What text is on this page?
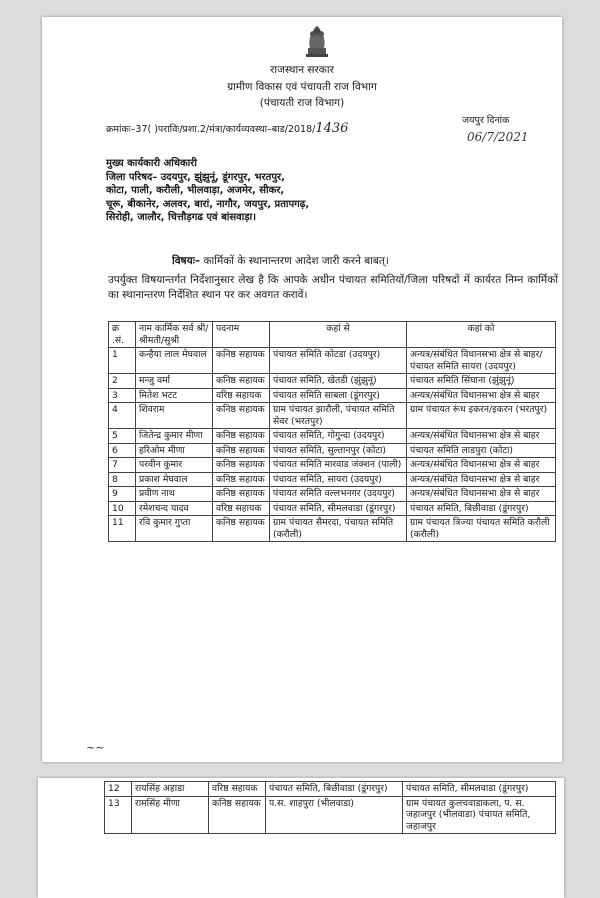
राजस्थान सरकार
ग्रामीण विकास एवं पंचायती राज विभाग
(पंचायती राज विभाग)
क्रमांकः–37( )पराविः/प्रशा.2/मंत्रा/कार्यव्यवस्था–बाड/2018/1436
जयपुर दिनांक
06/7/2021
मुख्य कार्यकारी अधिकारी
जिला परिषद– उदयपुर, झुंझुनूं, डूंगरपुर, भरतपुर,
कोटा, पाली, करौली, भीलवाड़ा, अजमेर, सीकर,
चूरू, बीकानेर, अलवर, बारां, नागौर, जयपुर, प्रतापगढ़,
सिरोही, जालौर, चित्तौड़गढ एवं बांसवाड़ा।
विषयः– कार्मिकों के स्थानान्तरण आदेश जारी करने बाबत्।
उपर्युक्त विषयान्तर्गत निर्देशानुसार लेख है कि आपके अधीन पंचायत समितियों/जिला परिषदों में कार्यरत निम्न कार्मिकों का स्थानान्तरण निर्देशित स्थान पर कर अवगत करावें।
क्र .सं.	नाम कार्मिक सर्व श्री/ श्रीमती/सुश्री	पदनाम	कहां से	कहां को
1	कन्हैया लाल मेघवाल	कनिष्ठ सहायक	पंचायत समिति कोटडा (उदयपुर)	अन्यत्र/संबंधित विधानसभा क्षेत्र से बाहर/पंचायत समिति सायरा (उदयपुर)
2	मन्जु वर्मा	कनिष्ठ सहायक	पंचायत समिति, खेतडी (झुंझुनूं)	पंचायत समिति सिंघाना (झुंझुनूं)
3	मितेश भटट	वरिष्ठ सहायक	पंचायत समिति साबला (डूंगरपुर)	अन्यत्र/संबंधित विधानसभा क्षेत्र से बाहर
4	शिवराम	कनिष्ठ सहायक	ग्राम पंचायत झारौली, पंचायत समिति सेवर (भरतपुर)	ग्राम पंचायत रूंध इकरन/इकरन (भरतपुर)
5	जितेन्द्र कुमार मीणा	कनिष्ठ सहायक	पंचायत समिति, गोगुन्दा (उदयपुर)	अन्यत्र/संबंधित विधानसभा क्षेत्र से बाहर
6	हरिओम मीणा	कनिष्ठ सहायक	पंचायत समिति, सुल्तानपुर (कोटा)	पंचायत समिति लाडपुरा (कोटा)
7	परवीन कुमार	कनिष्ठ सहायक	पंचायत समिति मारवाड जंक्शन (पाली)	अन्यत्र/संबंधित विधानसभा क्षेत्र से बाहर
8	प्रकाश मेघवाल	कनिष्ठ सहायक	पंचायत समिति, सायरा (उदयपुर)	अन्यत्र/संबंधित विधानसभा क्षेत्र से बाहर
9	प्रवीण नाथ	कनिष्ठ सहायक	पंचायत समिति वल्लभनगर (उदयपुर)	अन्यत्र/संबंधित विधानसभा क्षेत्र से बाहर
10	रमेशचन्द यादव	वरिष्ठ सहायक	पंचायत समिति, सीमलवाडा (डूंगरपुर)	पंचायत समिति, बिछीवाडा (डूंगरपुर)
11	रवि कुमार गुप्ता	कनिष्ठ सहायक	ग्राम पंचायत सैमरदा, पंचायत समिति (करौली)	ग्राम पंचायत त्रिज्या पंचायत समिति करौली (करौली)
~~
12	रायसिंह अहाडा	वरिष्ठ सहायक	पंचायत समिति, बिछीवाडा (डूंगरपुर)	पंचायत समिति, सीमलवाडा (डूंगरपुर)
13	रामसिंह मीणा	कनिष्ठ सहायक	प.स. शाहपुरा (भीलवाडा)	ग्राम पंचायत कुलचवाडाकला, प. स. जहाजपुर (भीलवाडा) पंचायत समिति, जहाजपुर
